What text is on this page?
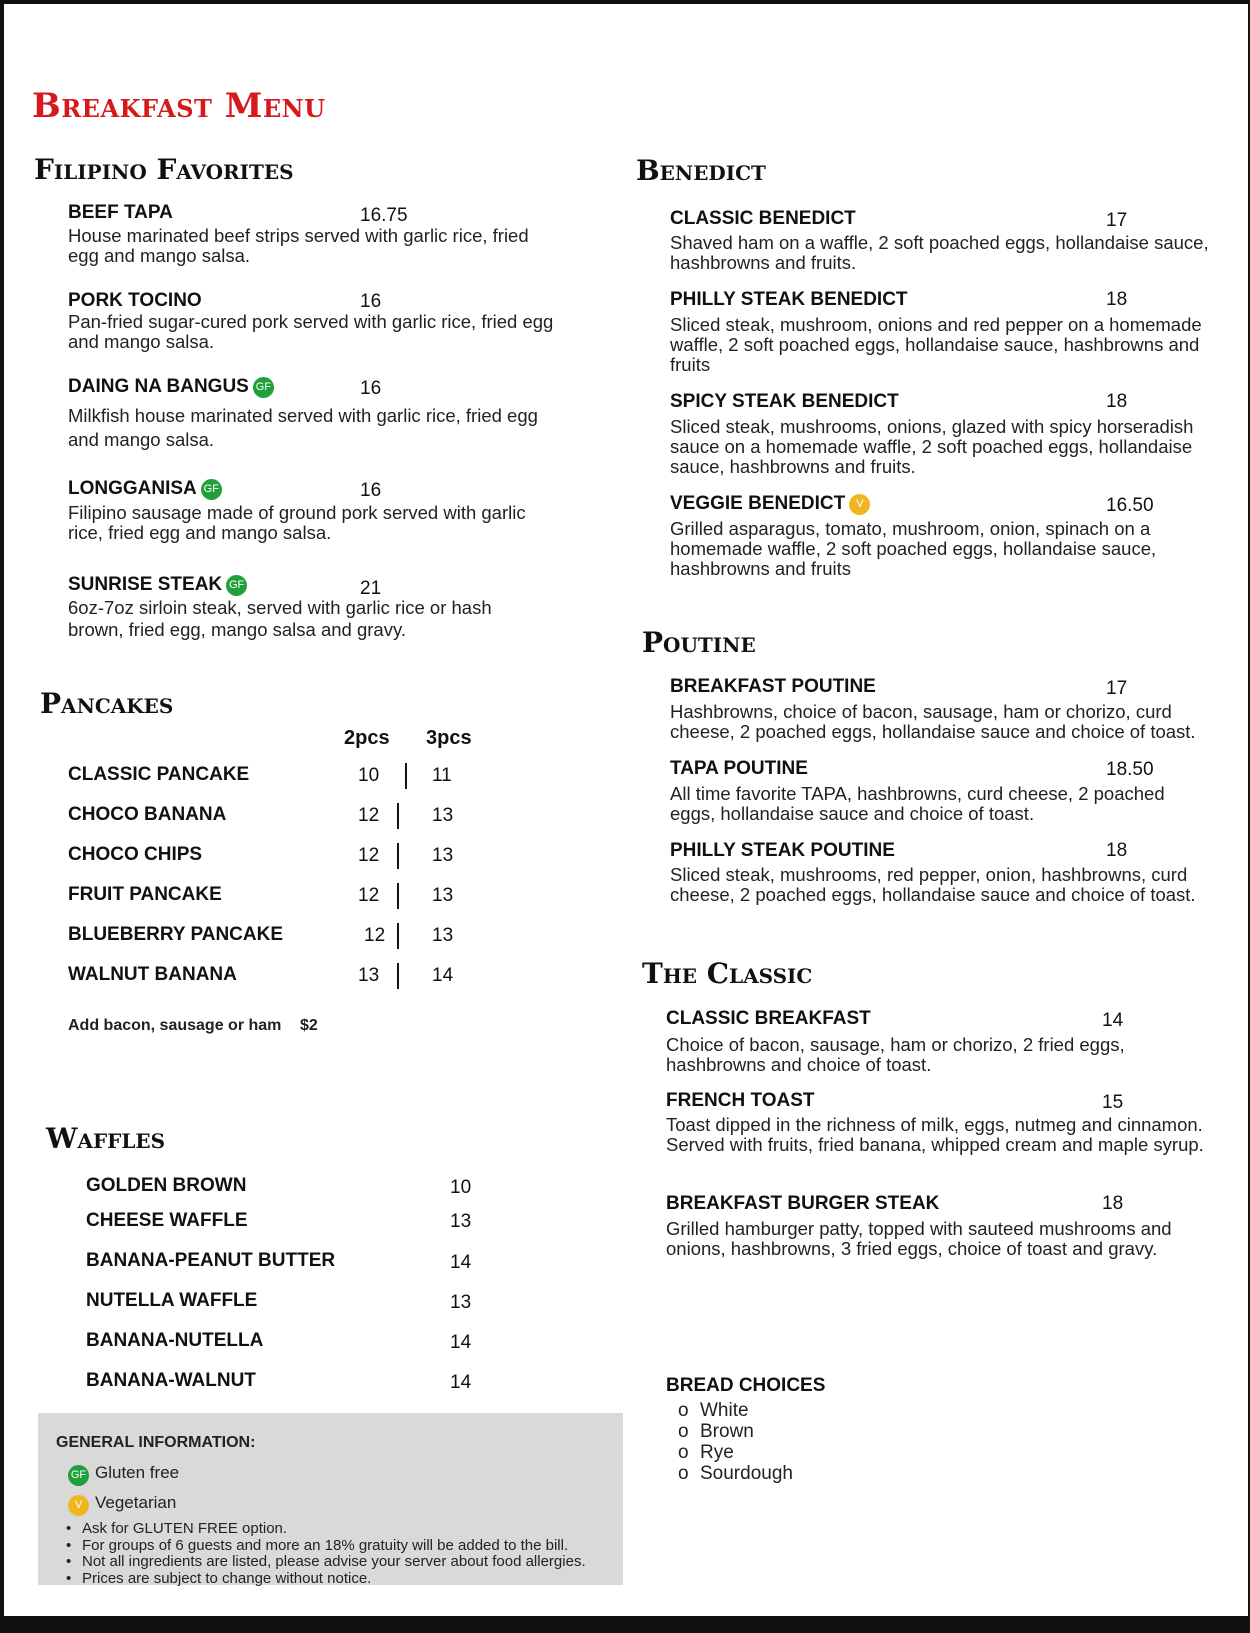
Breakfast Menu
Filipino Favorites
BEEF TAPA	16.75
House marinated beef strips served with garlic rice, fried egg and mango salsa.
PORK TOCINO	16
Pan-fried sugar-cured pork served with garlic rice, fried egg and mango salsa.
DAING NA BANGUS GF	16
Milkfish house marinated served with garlic rice, fried egg and mango salsa.
LONGGANISA GF	16
Filipino sausage made of ground pork served with garlic rice, fried egg and mango salsa.
SUNRISE STEAK GF	21
6oz-7oz sirloin steak, served with garlic rice or hash brown, fried egg, mango salsa and gravy.
Pancakes
2pcs 3pcs
CLASSIC PANCAKE	10	11
CHOCO BANANA	12	13
CHOCO CHIPS	12	13
FRUIT PANCAKE	12	13
BLUEBERRY PANCAKE	12 13
WALNUT BANANA	13	14
Add bacon, sausage or ham $2
Waffles
GOLDEN BROWN	10
CHEESE WAFFLE	13
BANANA-PEANUT BUTTER	14
NUTELLA WAFFLE	13
BANANA-NUTELLA	14
BANANA-WALNUT	14
GENERAL INFORMATION:
GF Gluten free
V Vegetarian
• Ask for GLUTEN FREE option.
• For groups of 6 guests and more an 18% gratuity will be added to the bill.
• Not all ingredients are listed, please advise your server about food allergies.
• Prices are subject to change without notice.
Benedict
CLASSIC BENEDICT	17
Shaved ham on a waffle, 2 soft poached eggs, hollandaise sauce, hashbrowns and fruits.
PHILLY STEAK BENEDICT	18
Sliced steak, mushroom, onions and red pepper on a homemade waffle, 2 soft poached eggs, hollandaise sauce, hashbrowns and fruits
SPICY STEAK BENEDICT	18
Sliced steak, mushrooms, onions, glazed with spicy horseradish sauce on a homemade waffle, 2 soft poached eggs, hollandaise sauce, hashbrowns and fruits.
VEGGIE BENEDICT V	16.50
Grilled asparagus, tomato, mushroom, onion, spinach on a homemade waffle, 2 soft poached eggs, hollandaise sauce, hashbrowns and fruits
Poutine
BREAKFAST POUTINE	17
Hashbrowns, choice of bacon, sausage, ham or chorizo, curd cheese, 2 poached eggs, hollandaise sauce and choice of toast.
TAPA POUTINE	18.50
All time favorite TAPA, hashbrowns, curd cheese, 2 poached eggs, hollandaise sauce and choice of toast.
PHILLY STEAK POUTINE	18
Sliced steak, mushrooms, red pepper, onion, hashbrowns, curd cheese, 2 poached eggs, hollandaise sauce and choice of toast.
The Classic
CLASSIC BREAKFAST	14
Choice of bacon, sausage, ham or chorizo, 2 fried eggs, hashbrowns and choice of toast.
FRENCH TOAST	15
Toast dipped in the richness of milk, eggs, nutmeg and cinnamon. Served with fruits, fried banana, whipped cream and maple syrup.
BREAKFAST BURGER STEAK	18
Grilled hamburger patty, topped with sauteed mushrooms and onions, hashbrowns, 3 fried eggs, choice of toast and gravy.
BREAD CHOICES
o White
o Brown
o Rye
o Sourdough
